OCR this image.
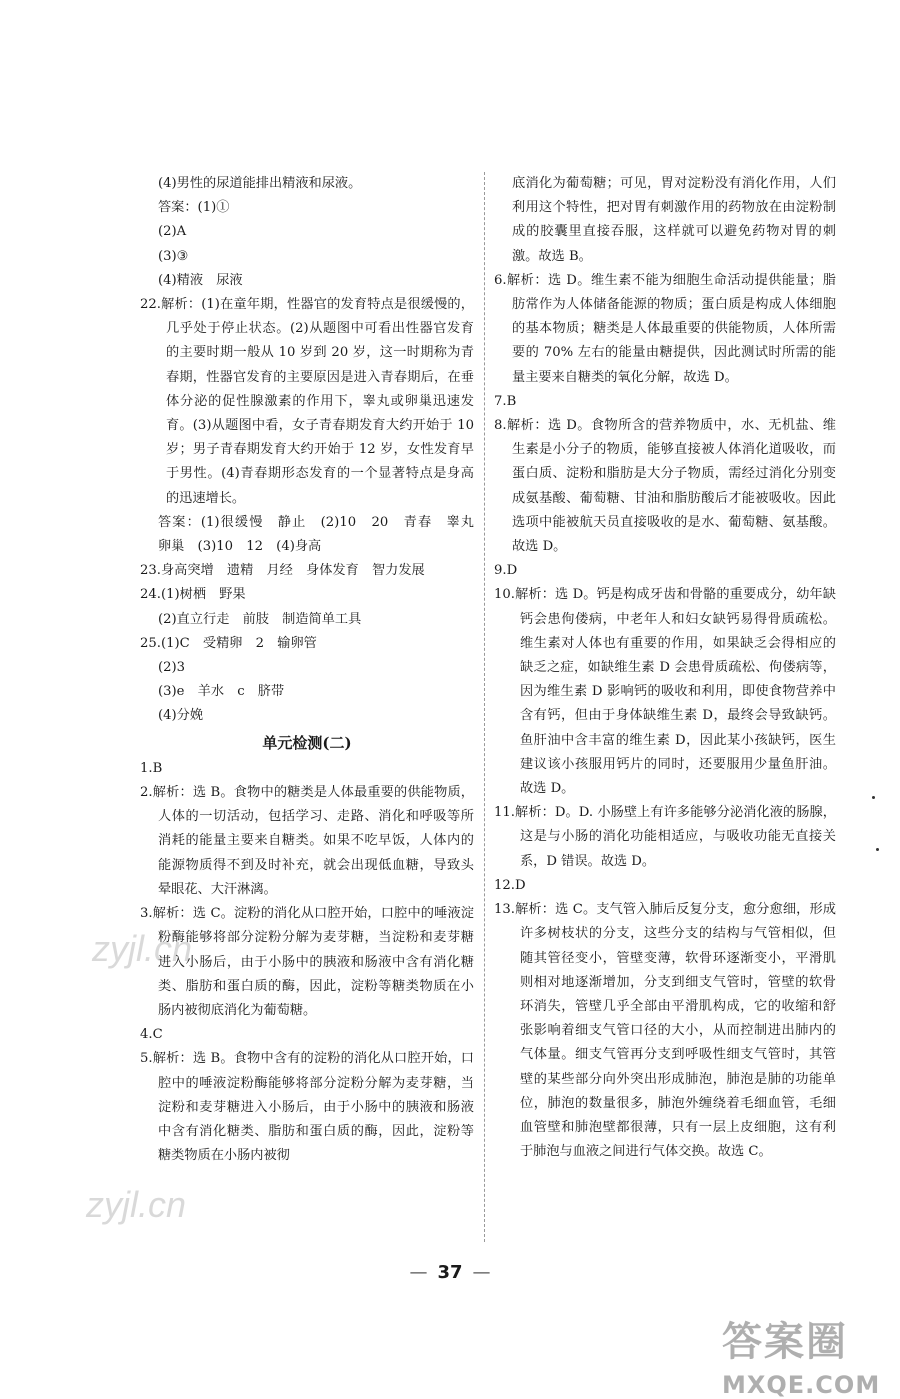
(4)男性的尿道能排出精液和尿液。

答案：(1)①

(2)A

(3)③

(4)精液　尿液

22.解析：(1)在童年期，性器官的发育特点是很缓慢的，几乎处于停止状态。(2)从题图中可看出性器官发育的主要时期一般从 10 岁到 20 岁，这一时期称为青春期，性器官发育的主要原因是进入青春期后，在垂体分泌的促性腺激素的作用下，睾丸或卵巢迅速发育。(3)从题图中看，女子青春期发育大约开始于 10 岁；男子青春期发育大约开始于 12 岁，女性发育早于男性。(4)青春期形态发育的一个显著特点是身高的迅速增长。

答案：(1)很缓慢　静止　(2)10　20　青春　睾丸　卵巢　(3)10　12　(4)身高

23.身高突增　遗精　月经　身体发育　智力发展

24.(1)树栖　野果

(2)直立行走　前肢　制造简单工具

25.(1)C　受精卵　2　输卵管

(2)3

(3)e　羊水　c　脐带

(4)分娩

单元检测(二)

1.B

2.解析：选 B。食物中的糖类是人体最重要的供能物质，人体的一切活动，包括学习、走路、消化和呼吸等所消耗的能量主要来自糖类。如果不吃早饭，人体内的能源物质得不到及时补充，就会出现低血糖，导致头晕眼花、大汗淋漓。

3.解析：选 C。淀粉的消化从口腔开始，口腔中的唾液淀粉酶能够将部分淀粉分解为麦芽糖，当淀粉和麦芽糖进入小肠后，由于小肠中的胰液和肠液中含有消化糖类、脂肪和蛋白质的酶，因此，淀粉等糖类物质在小肠内被彻底消化为葡萄糖。

4.C

5.解析：选 B。食物中含有的淀粉的消化从口腔开始，口腔中的唾液淀粉酶能够将部分淀粉分解为麦芽糖，当淀粉和麦芽糖进入小肠后，由于小肠中的胰液和肠液中含有消化糖类、脂肪和蛋白质的酶，因此，淀粉等糖类物质在小肠内被彻

底消化为葡萄糖；可见，胃对淀粉没有消化作用，人们利用这个特性，把对胃有刺激作用的药物放在由淀粉制成的胶囊里直接吞服，这样就可以避免药物对胃的刺激。故选 B。

6.解析：选 D。维生素不能为细胞生命活动提供能量；脂肪常作为人体储备能源的物质；蛋白质是构成人体细胞的基本物质；糖类是人体最重要的供能物质，人体所需要的 70% 左右的能量由糖提供，因此测试时所需的能量主要来自糖类的氧化分解，故选 D。

7.B

8.解析：选 D。食物所含的营养物质中，水、无机盐、维生素是小分子的物质，能够直接被人体消化道吸收，而蛋白质、淀粉和脂肪是大分子物质，需经过消化分别变成氨基酸、葡萄糖、甘油和脂肪酸后才能被吸收。因此选项中能被航天员直接吸收的是水、葡萄糖、氨基酸。故选 D。

9.D

10.解析：选 D。钙是构成牙齿和骨骼的重要成分，幼年缺钙会患佝偻病，中老年人和妇女缺钙易得骨质疏松。维生素对人体也有重要的作用，如果缺乏会得相应的缺乏之症，如缺维生素 D 会患骨质疏松、佝偻病等，因为维生素 D 影响钙的吸收和利用，即使食物营养中含有钙，但由于身体缺维生素 D，最终会导致缺钙。鱼肝油中含丰富的维生素 D，因此某小孩缺钙，医生建议该小孩服用钙片的同时，还要服用少量鱼肝油。故选 D。

11.解析：D。D. 小肠壁上有许多能够分泌消化液的肠腺，这是与小肠的消化功能相适应，与吸收功能无直接关系，D 错误。故选 D。

12.D

13.解析：选 C。支气管入肺后反复分支，愈分愈细，形成许多树枝状的分支，这些分支的结构与气管相似，但随其管径变小，管壁变薄，软骨环逐渐变小，平滑肌则相对地逐渐增加，分支到细支气管时，管壁的软骨环消失，管壁几乎全部由平滑肌构成，它的收缩和舒张影响着细支气管口径的大小，从而控制进出肺内的气体量。细支气管再分支到呼吸性细支气管时，其管壁的某些部分向外突出形成肺泡，肺泡是肺的功能单位，肺泡的数量很多，肺泡外缠绕着毛细血管，毛细血管壁和肺泡壁都很薄，只有一层上皮细胞，这有利于肺泡与血液之间进行气体交换。故选 C。

zyjl.cn
zyjl.cn
— 37 —
答案圈
MXQE.COM
